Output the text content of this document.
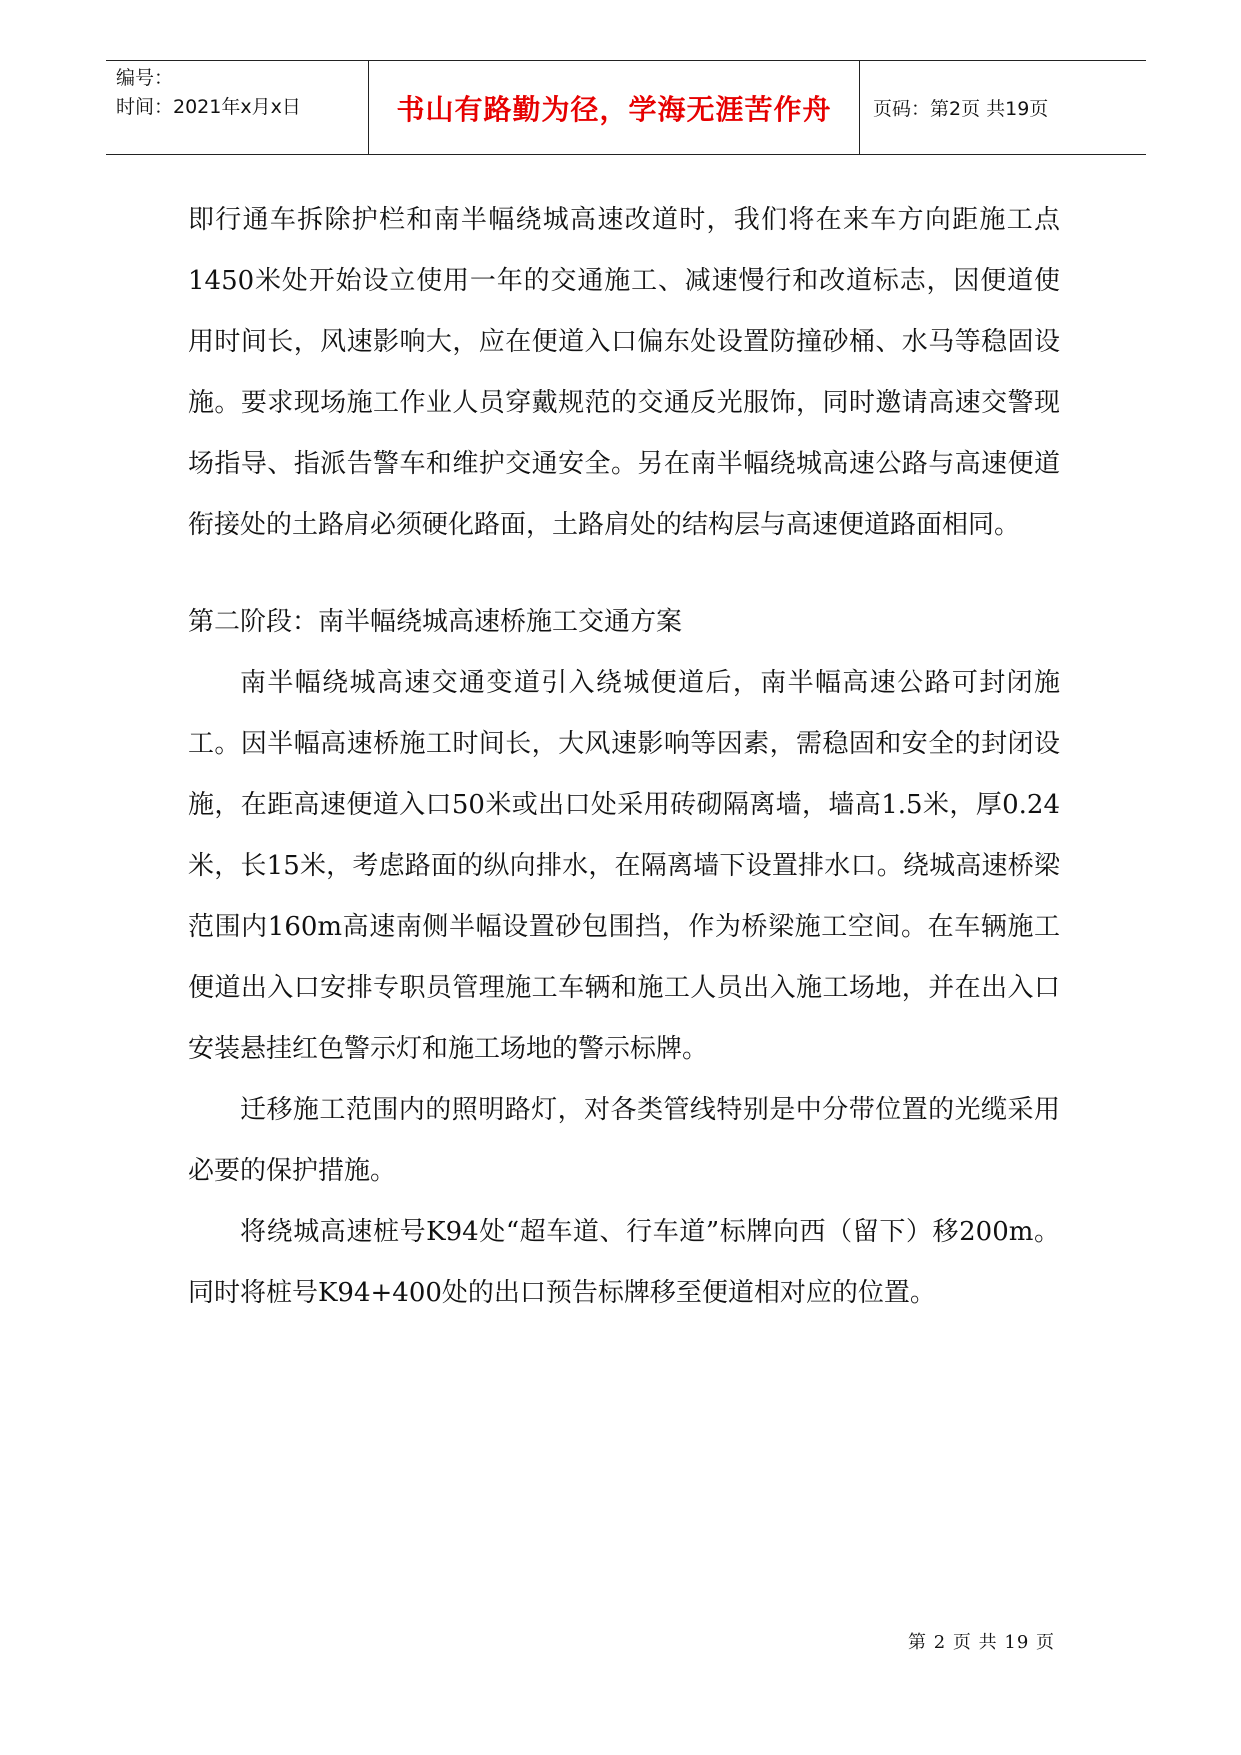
编号：
时间：2021年x月x日	书山有路勤为径，学海无涯苦作舟 页码：第2页 共19页

即行通车拆除护栏和南半幅绕城高速改道时，我们将在来车方向距施工点1450米处开始设立使用一年的交通施工、减速慢行和改道标志，因便道使用时间长，风速影响大，应在便道入口偏东处设置防撞砂桶、水马等稳固设施。要求现场施工作业人员穿戴规范的交通反光服饰，同时邀请高速交警现场指导、指派告警车和维护交通安全。另在南半幅绕城高速公路与高速便道衔接处的土路肩必须硬化路面，土路肩处的结构层与高速便道路面相同。

第二阶段：南半幅绕城高速桥施工交通方案

南半幅绕城高速交通变道引入绕城便道后，南半幅高速公路可封闭施工。因半幅高速桥施工时间长，大风速影响等因素，需稳固和安全的封闭设施，在距高速便道入口50米或出口处采用砖砌隔离墙，墙高1.5米，厚0.24米，长15米，考虑路面的纵向排水，在隔离墙下设置排水口。绕城高速桥梁范围内160m高速南侧半幅设置砂包围挡，作为桥梁施工空间。在车辆施工便道出入口安排专职员管理施工车辆和施工人员出入施工场地，并在出入口安装悬挂红色警示灯和施工场地的警示标牌。

迁移施工范围内的照明路灯，对各类管线特别是中分带位置的光缆采用必要的保护措施。

将绕城高速桩号K94处“超车道、行车道”标牌向西（留下）移200m。同时将桩号K94+400处的出口预告标牌移至便道相对应的位置。

第 2 页 共 19 页
